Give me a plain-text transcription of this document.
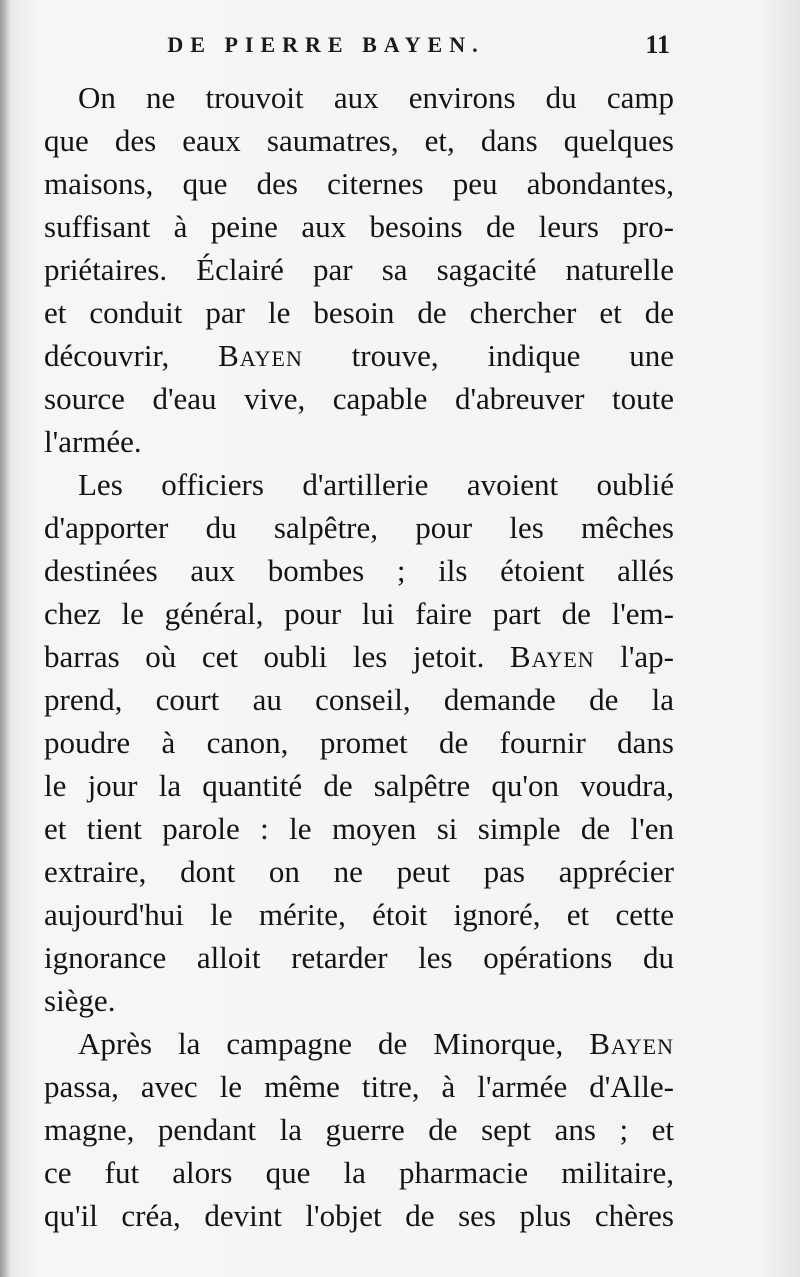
DE PIERRE BAYEN.	11
On ne trouvoit aux environs du camp
que des eaux saumatres, et, dans quelques
maisons, que des citernes peu abondantes,
suffisant à peine aux besoins de leurs pro-
priétaires. Éclairé par sa sagacité naturelle
et conduit par le besoin de chercher et de
découvrir, Bayen trouve, indique une
source d'eau vive, capable d'abreuver toute
l'armée.
Les officiers d'artillerie avoient oublié
d'apporter du salpêtre, pour les mêches
destinées aux bombes ; ils étoient allés
chez le général, pour lui faire part de l'em-
barras où cet oubli les jetoit. Bayen l'ap-
prend, court au conseil, demande de la
poudre à canon, promet de fournir dans
le jour la quantité de salpêtre qu'on voudra,
et tient parole : le moyen si simple de l'en
extraire, dont on ne peut pas apprécier
aujourd'hui le mérite, étoit ignoré, et cette
ignorance alloit retarder les opérations du
siège.
Après la campagne de Minorque, Bayen
passa, avec le même titre, à l'armée d'Alle-
magne, pendant la guerre de sept ans ; et
ce fut alors que la pharmacie militaire,
qu'il créa, devint l'objet de ses plus chères
